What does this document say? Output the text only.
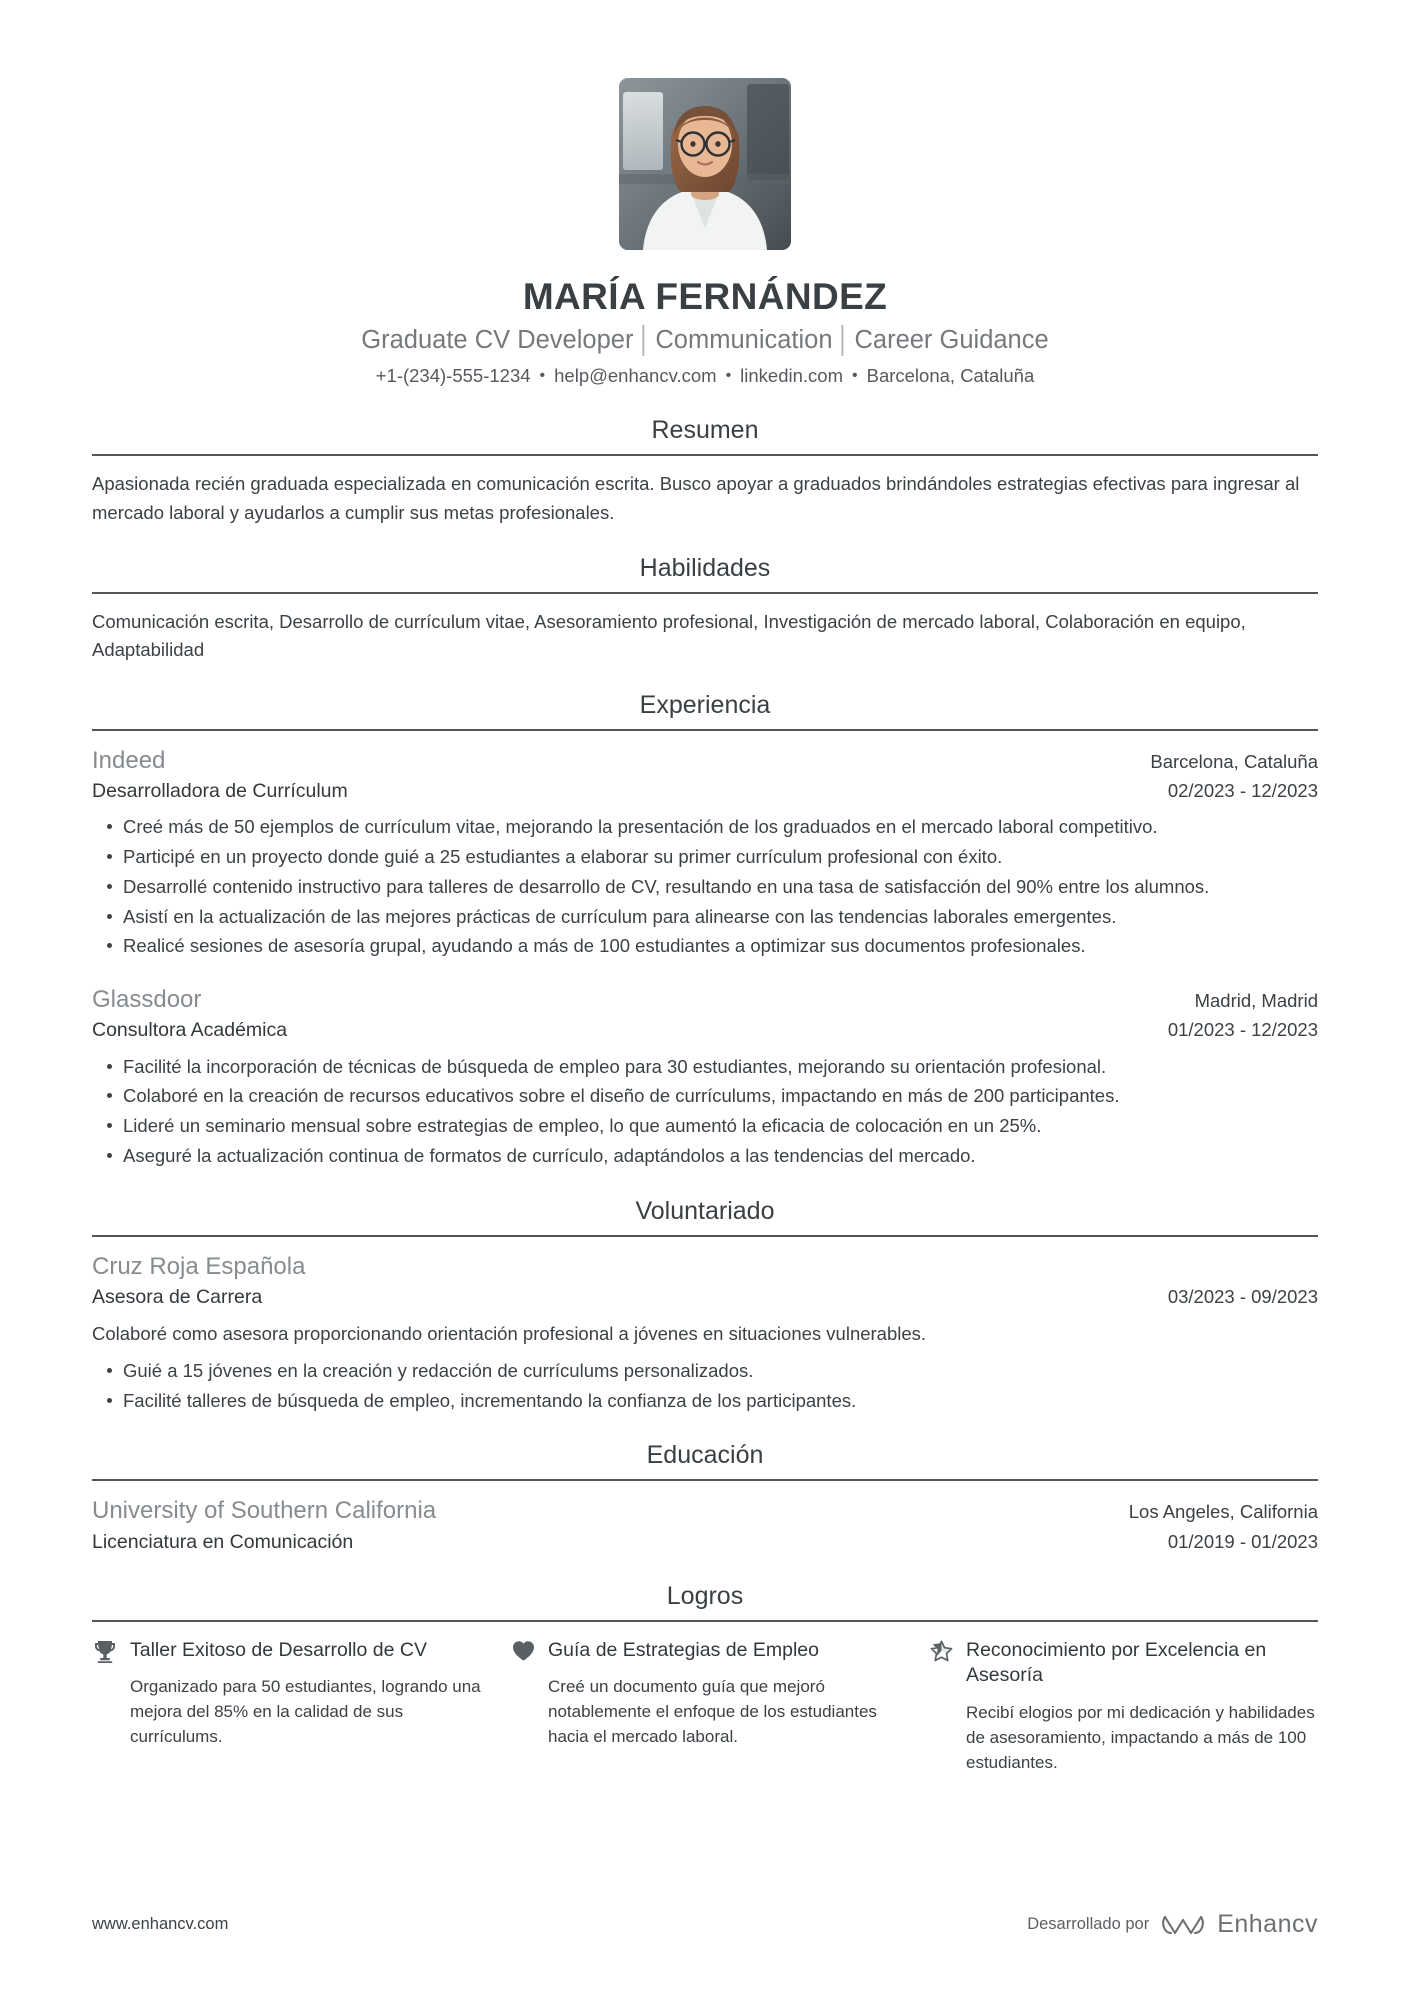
MARÍA FERNÁNDEZ
Graduate CV Developer │ Communication │ Career Guidance
+1-(234)-555-1234 • help@enhancv.com • linkedin.com • Barcelona, Cataluña
Resumen
Apasionada recién graduada especializada en comunicación escrita. Busco apoyar a graduados brindándoles estrategias efectivas para ingresar al mercado laboral y ayudarlos a cumplir sus metas profesionales.
Habilidades
Comunicación escrita, Desarrollo de currículum vitae, Asesoramiento profesional, Investigación de mercado laboral, Colaboración en equipo, Adaptabilidad
Experiencia
Indeed	Barcelona, Cataluña
Desarrolladora de Currículum	02/2023 - 12/2023
Creé más de 50 ejemplos de currículum vitae, mejorando la presentación de los graduados en el mercado laboral competitivo.
Participé en un proyecto donde guié a 25 estudiantes a elaborar su primer currículum profesional con éxito.
Desarrollé contenido instructivo para talleres de desarrollo de CV, resultando en una tasa de satisfacción del 90% entre los alumnos.
Asistí en la actualización de las mejores prácticas de currículum para alinearse con las tendencias laborales emergentes.
Realicé sesiones de asesoría grupal, ayudando a más de 100 estudiantes a optimizar sus documentos profesionales.
Glassdoor	Madrid, Madrid
Consultora Académica	01/2023 - 12/2023
Facilité la incorporación de técnicas de búsqueda de empleo para 30 estudiantes, mejorando su orientación profesional.
Colaboré en la creación de recursos educativos sobre el diseño de currículums, impactando en más de 200 participantes.
Lideré un seminario mensual sobre estrategias de empleo, lo que aumentó la eficacia de colocación en un 25%.
Aseguré la actualización continua de formatos de currículo, adaptándolos a las tendencias del mercado.
Voluntariado
Cruz Roja Española
Asesora de Carrera	03/2023 - 09/2023
Colaboré como asesora proporcionando orientación profesional a jóvenes en situaciones vulnerables.
Guié a 15 jóvenes en la creación y redacción de currículums personalizados.
Facilité talleres de búsqueda de empleo, incrementando la confianza de los participantes.
Educación
University of Southern California	Los Angeles, California
Licenciatura en Comunicación	01/2019 - 01/2023
Logros
Taller Exitoso de Desarrollo de CV
Organizado para 50 estudiantes, logrando una mejora del 85% en la calidad de sus currículums.
Guía de Estrategias de Empleo
Creé un documento guía que mejoró notablemente el enfoque de los estudiantes hacia el mercado laboral.
Reconocimiento por Excelencia en Asesoría
Recibí elogios por mi dedicación y habilidades de asesoramiento, impactando a más de 100 estudiantes.
www.enhancv.com	Desarrollado por	Enhancv
